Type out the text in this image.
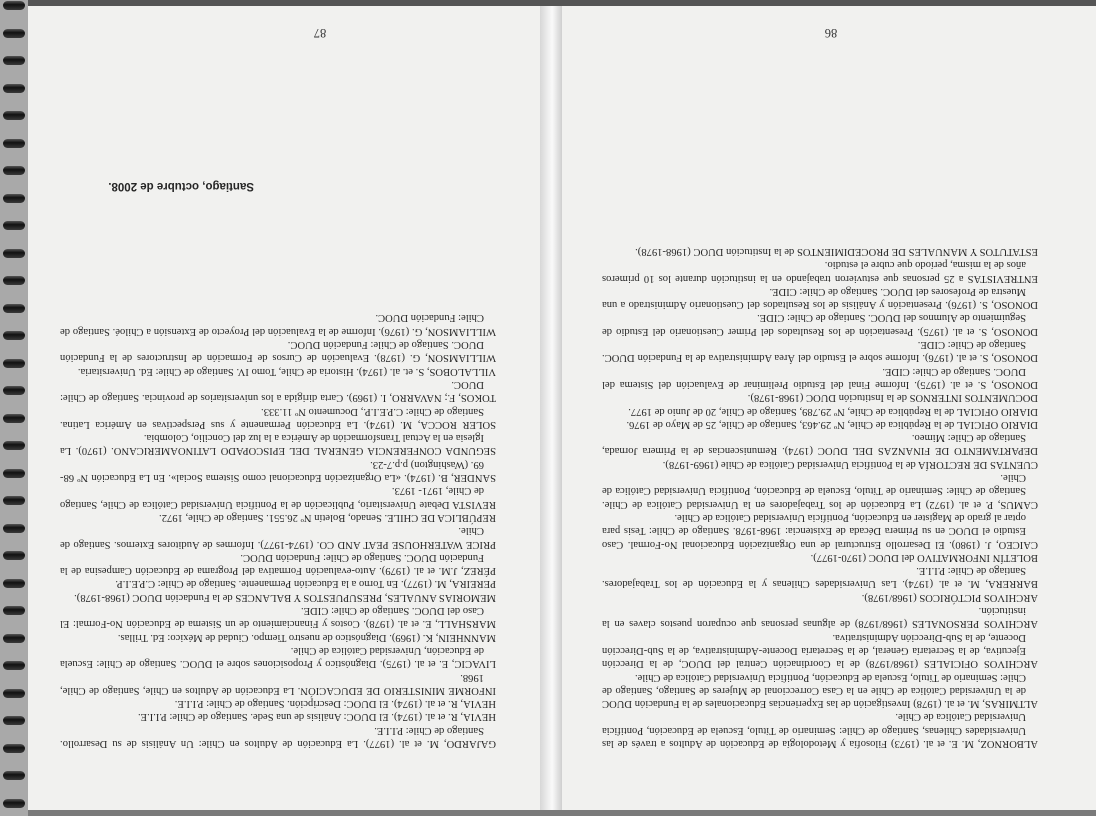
ALBORNOZ, M. E. et al. (1973) Filosofía y Metodología de Educación de Adultos a través de las Universidades Chilenas, Santiago de Chile: Seminario de Título, Escuela de Educación, Pontificia Universidad Católica de Chile.

ALTMIRAS, M. et al. (1978) Investigación de las Experiencias Educacionales de la Fundación DUOC de la Universidad Católica de Chile en la Casa Correccional de Mujeres de Santiago, Santiago de Chile: Seminario de Título, Escuela de Educación, Pontificia Universidad Católica de Chile.

ARCHIVOS OFICIALES (1968/1978) de la Coordinación Central del DUOC, de la Dirección Ejecutiva, de la Secretaría General, de la Secretaría Docente-Administrativa, de la Sub-Dirección Docente, de la Sub-Dirección Administrativa.

ARCHIVOS PERSONALES (1968/1978) de algunas personas que ocuparon puestos claves en la institución.

ARCHIVOS PICTÓRICOS (1968/1978).

BARRERA, M. et al. (1974). Las Universidades Chilenas y la Educación de los Trabajadores. Santiago de Chile: P.I.I.E.

BOLETÍN INFORMATIVO del DUOC (1970-1977).

CAICEO, J. (1980). El Desarrollo Estructural de una Organización Educacional No-Formal. Caso Estudio el DUOC en su Primera Década de Existencia: 1968-1978. Santiago de Chile: Tesis para optar al grado de Magíster en Educación, Pontificia Universidad Católica de Chile.

CAMUS, P. et al. (1972) La Educación de los Trabajadores en la Universidad Católica de Chile. Santiago de Chile: Seminario de Título, Escuela de Educación, Pontificia Universidad Católica de Chile.

CUENTAS DE RECTORÍA de la Pontificia Universidad Católica de Chile (1969-1978).

DEPARTAMENTO DE FINANZAS DEL DUOC (1974). Remuniscencias de la Primera Jornada, Santiago de Chile: Mimeo.

DIARIO OFICIAL de la República de Chile, Nº 29.463, Santiago de Chile, 25 de Mayo de 1976.

DIARIO OFICIAL de la República de Chile, Nº 29.789, Santiago de Chile, 20 de Junio de 1977.

DOCUMENTOS INTERNOS de la Institución DUOC (1968-1978).

DONOSO, S. et al. (1975). Informe Final del Estudio Preliminar de Evaluación del Sistema del DUOC. Santiago de Chile: CIDE.

DONOSO, S. et al. (1976). Informe sobre el Estudio del Área Administrativa de la Fundación DUOC. Santiago de Chile: CIDE.

DONOSO, S. et al. (1975). Presentación de los Resultados del Primer Cuestionario del Estudio de Seguimiento de Alumnos del DUOC. Santiago de Chile: CIDE.

DONOSO, S. (1976). Presentación y Análisis de los Resultados del Cuestionario Administrado a una Muestra de Profesores del DUOC. Santiago de Chile: CIDE.

ENTREVISTAS a 25 personas que estuvieron trabajando en la institución durante los 10 primeros años de la misma, período que cubre el estudio.

ESTATUTOS Y MANUALES DE PROCEDIMIENTOS de la Institución DUOC (1968-1978).

86

GAJARDO, M. et al. (1977). La Educación de Adultos en Chile: Un Análisis de su Desarrollo. Santiago de Chile: P.I.I.E.

HEVIA, R. et al. (1974). El DUOC: Análisis de una Sede. Santiago de Chile: P.I.I.E.

HEVIA, R. et al. (1974). El DUOC: Descripción. Santiago de Chile: P.I.I.E.

INFORME MINISTERIO DE EDUCACIÓN. La Educación de Adultos en Chile, Santiago de Chile, 1968.

LIVACIC, E. et al. (1975). Diagnóstico y Proposiciones sobre el DUOC. Santiago de Chile: Escuela de Educación, Universidad Católica de Chile.

MANNHEIN, K. (1969). Diagnóstico de nuestro Tiempo. Ciudad de México: Ed. Trillas.

MARSHALL, E. et al. (1978). Costos y Financiamiento de un Sistema de Educación No-Formal: El Caso del DUOC. Santiago de Chile: CIDE.

MEMORIAS ANUALES, PRESUPUESTOS Y BALANCES de la Fundación DUOC (1968-1978).

PEREIRA, M. (1977). En Torno a la Educación Permanente. Santiago de Chile: C.P.E.I.P.

PÉREZ, J.M. et al. (1979). Auto-evaluación Formativa del Programa de Educación Campesina de la Fundación DUOC. Santiago de Chile: Fundación DUOC.

PRICE WATERHOUSE PEAT AND CO. (1974-1977). Informes de Auditores Externos. Santiago de Chile.

REPÚBLICA DE CHILE. Senado, Boletín Nº 26.551. Santiago de Chile, 1972.

REVISTA Debate Universitario, Publicación de la Pontificia Universidad Católica de Chile, Santiago de Chile, 1971- 1973.

SANDER, B. (1974). «La Organización Educacional como Sistema Social». En La Educación Nº 68-69. (Washington) p.p.7-23.

SEGUNDA CONFERENCIA GENERAL DEL EPISCOPADO LATINOAMERICANO. (1970). La Iglesia en la Actual Transformación de América a la luz del Concilio, Colombia.

SOLER ROCCA, M. (1974). La Educación Permanente y sus Perspectivas en América Latina. Santiago de Chile: C.P.E.I.P., Documento Nº 11.333.

TOKOS, F.; NAVARRO, I. (1969). Carta dirigida a los universitarios de provincia. Santiago de Chile: DUOC.

VILLALOBOS, S. et. al. (1974). Historia de Chile, Tomo IV. Santiago de Chile: Ed. Universitaria.

WILLIAMSON, G. (1978). Evaluación de Cursos de Formación de Instructores de la Fundación DUOC. Santiago de Chile: Fundación DUOC.

WILLIAMSON, G. (1976). Informe de la Evaluación del Proyecto de Extensión a Chiloé. Santiago de Chile: Fundación DUOC.

Santiago, octubre de 2008.
87
